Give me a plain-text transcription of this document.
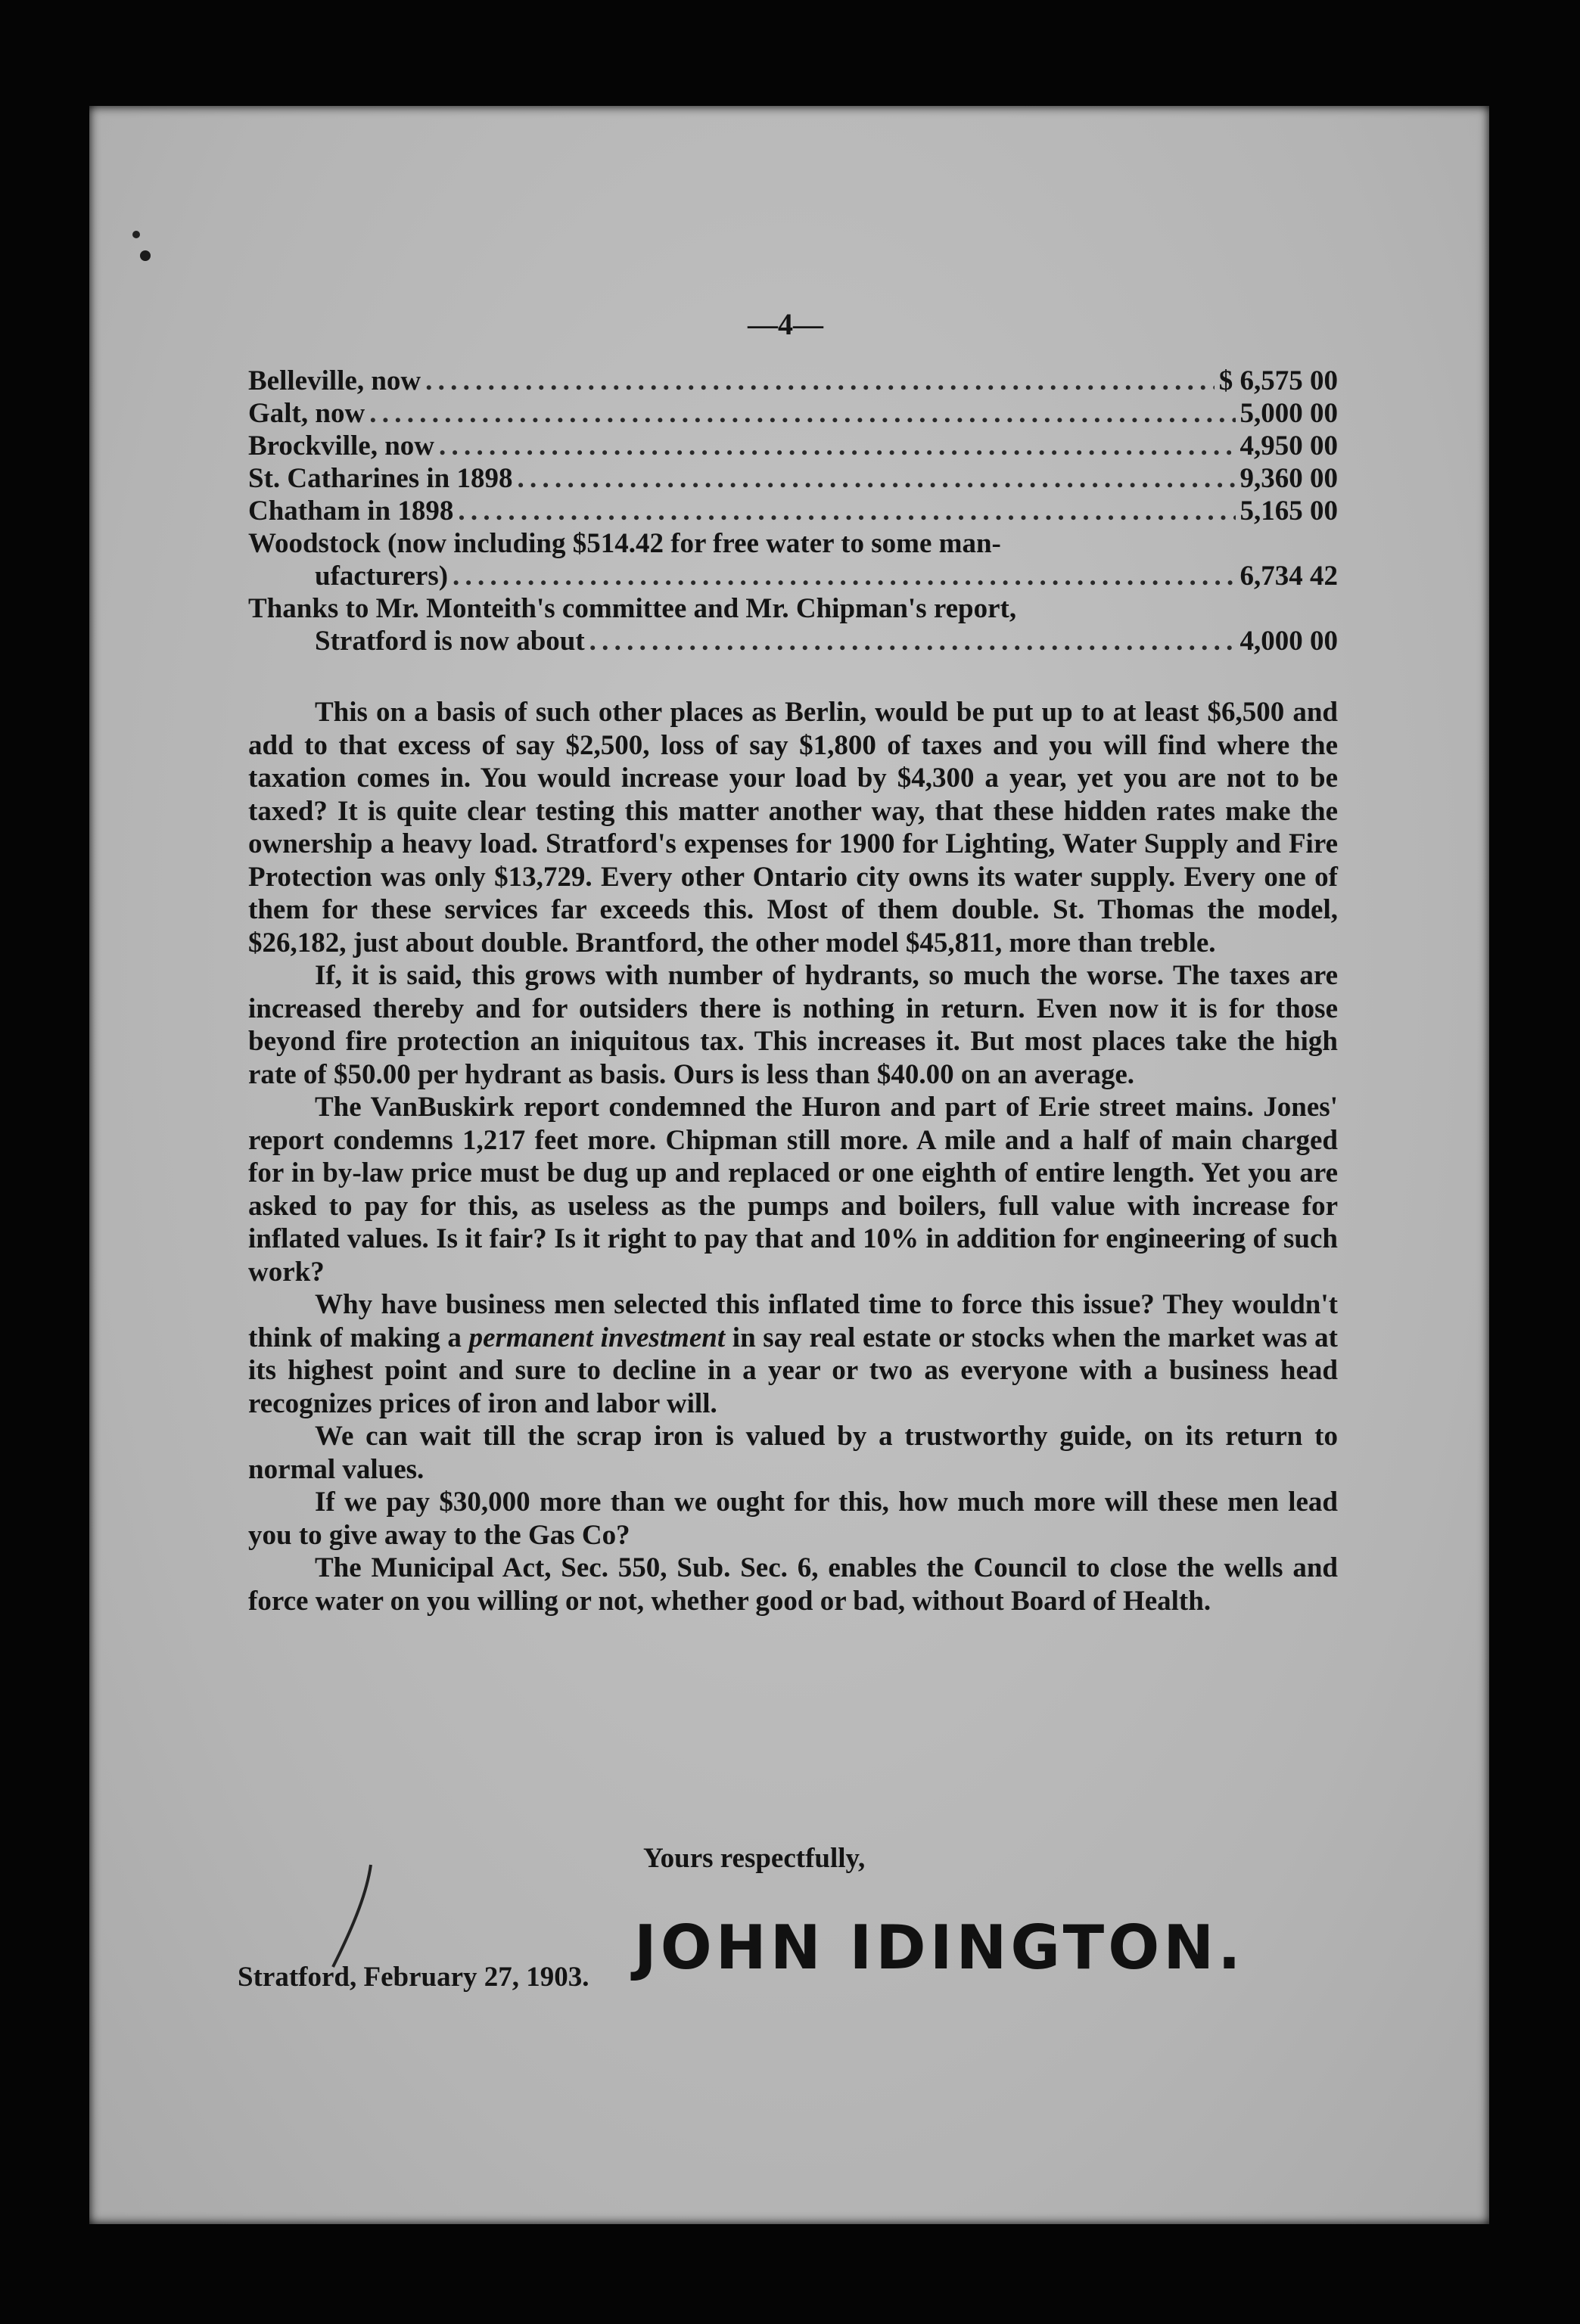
—4—
Belleville, now . . .	$ 6,575 00
Galt, now . . .	5,000 00
Brockville, now . . .	4,950 00
St. Catharines in 1898 . . .	9,360 00
Chatham in 1898 . . .	5,165 00
Woodstock (now including $514.42 for free water to some man-
ufacturers) . . .	6,734 42
Thanks to Mr. Monteith's committee and Mr. Chipman's report,
Stratford is now about . . .	4,000 00

This on a basis of such other places as Berlin, would be put up to at least $6,500 and add to that excess of say $2,500, loss of say $1,800 of taxes and you will find where the taxation comes in. You would increase your load by $4,300 a year, yet you are not to be taxed? It is quite clear testing this matter another way, that these hidden rates make the ownership a heavy load. Stratford's expenses for 1900 for Lighting, Water Supply and Fire Protection was only $13,729. Every other Ontario city owns its water supply. Every one of them for these services far exceeds this. Most of them double. St. Thomas the model, $26,182, just about double. Brantford, the other model $45,811, more than treble.

If, it is said, this grows with number of hydrants, so much the worse. The taxes are increased thereby and for outsiders there is nothing in return. Even now it is for those beyond fire protection an iniquitous tax. This increases it. But most places take the high rate of $50.00 per hydrant as basis. Ours is less than $40.00 on an average.

The VanBuskirk report condemned the Huron and part of Erie street mains. Jones' report condemns 1,217 feet more. Chipman still more. A mile and a half of main charged for in by-law price must be dug up and replaced or one eighth of entire length. Yet you are asked to pay for this, as useless as the pumps and boilers, full value with increase for inflated values. Is it fair? Is it right to pay that and 10% in addition for engineering of such work?

Why have business men selected this inflated time to force this issue? They wouldn't think of making a permanent investment in say real estate or stocks when the market was at its highest point and sure to decline in a year or two as everyone with a business head recognizes prices of iron and labor will.

We can wait till the scrap iron is valued by a trustworthy guide, on its return to normal values.

If we pay $30,000 more than we ought for this, how much more will these men lead you to give away to the Gas Co?

The Municipal Act, Sec. 550, Sub. Sec. 6, enables the Council to close the wells and force water on you willing or not, whether good or bad, without Board of Health.

Yours respectfully,
JOHN IDINGTON.
Stratford, February 27, 1903.
